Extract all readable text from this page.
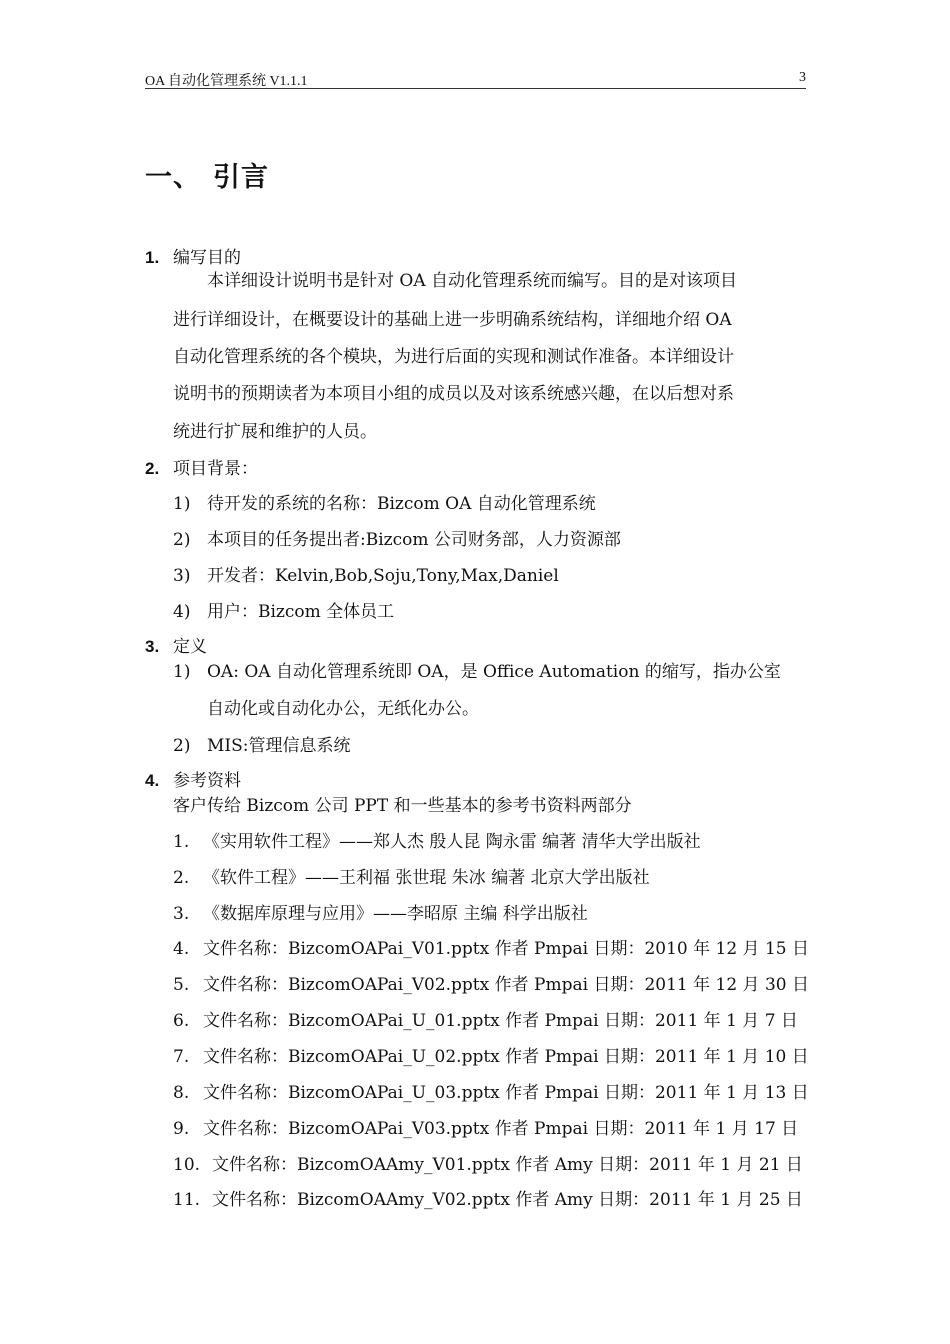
OA 自动化管理系统 V1.1.1	3
一、 引言
1. 编写目的
本详细设计说明书是针对 OA 自动化管理系统而编写。目的是对该项目
进行详细设计，在概要设计的基础上进一步明确系统结构，详细地介绍 OA
自动化管理系统的各个模块，为进行后面的实现和测试作准备。本详细设计
说明书的预期读者为本项目小组的成员以及对该系统感兴趣，在以后想对系
统进行扩展和维护的人员。
2. 项目背景：
1) 待开发的系统的名称：Bizcom OA 自动化管理系统
2) 本项目的任务提出者:Bizcom 公司财务部，人力资源部
3) 开发者：Kelvin,Bob,Soju,Tony,Max,Daniel
4) 用户：Bizcom 全体员工
3. 定义
1) OA: OA 自动化管理系统即 OA，是 Office Automation 的缩写，指办公室
自动化或自动化办公，无纸化办公。
2) MIS:管理信息系统
4. 参考资料
客户传给 Bizcom 公司 PPT 和一些基本的参考书资料两部分
1. 《实用软件工程》——郑人杰 殷人昆 陶永雷 编著 清华大学出版社
2. 《软件工程》——王利福 张世琨 朱冰 编著 北京大学出版社
3. 《数据库原理与应用》——李昭原 主编 科学出版社
4. 文件名称：BizcomOAPai_V01.pptx 作者 Pmpai 日期：2010 年 12 月 15 日
5. 文件名称：BizcomOAPai_V02.pptx 作者 Pmpai 日期：2011 年 12 月 30 日
6. 文件名称：BizcomOAPai_U_01.pptx 作者 Pmpai 日期：2011 年 1 月 7 日
7. 文件名称：BizcomOAPai_U_02.pptx 作者 Pmpai 日期：2011 年 1 月 10 日
8. 文件名称：BizcomOAPai_U_03.pptx 作者 Pmpai 日期：2011 年 1 月 13 日
9. 文件名称：BizcomOAPai_V03.pptx 作者 Pmpai 日期：2011 年 1 月 17 日
10. 文件名称：BizcomOAAmy_V01.pptx 作者 Amy 日期：2011 年 1 月 21 日
11. 文件名称：BizcomOAAmy_V02.pptx 作者 Amy 日期：2011 年 1 月 25 日
